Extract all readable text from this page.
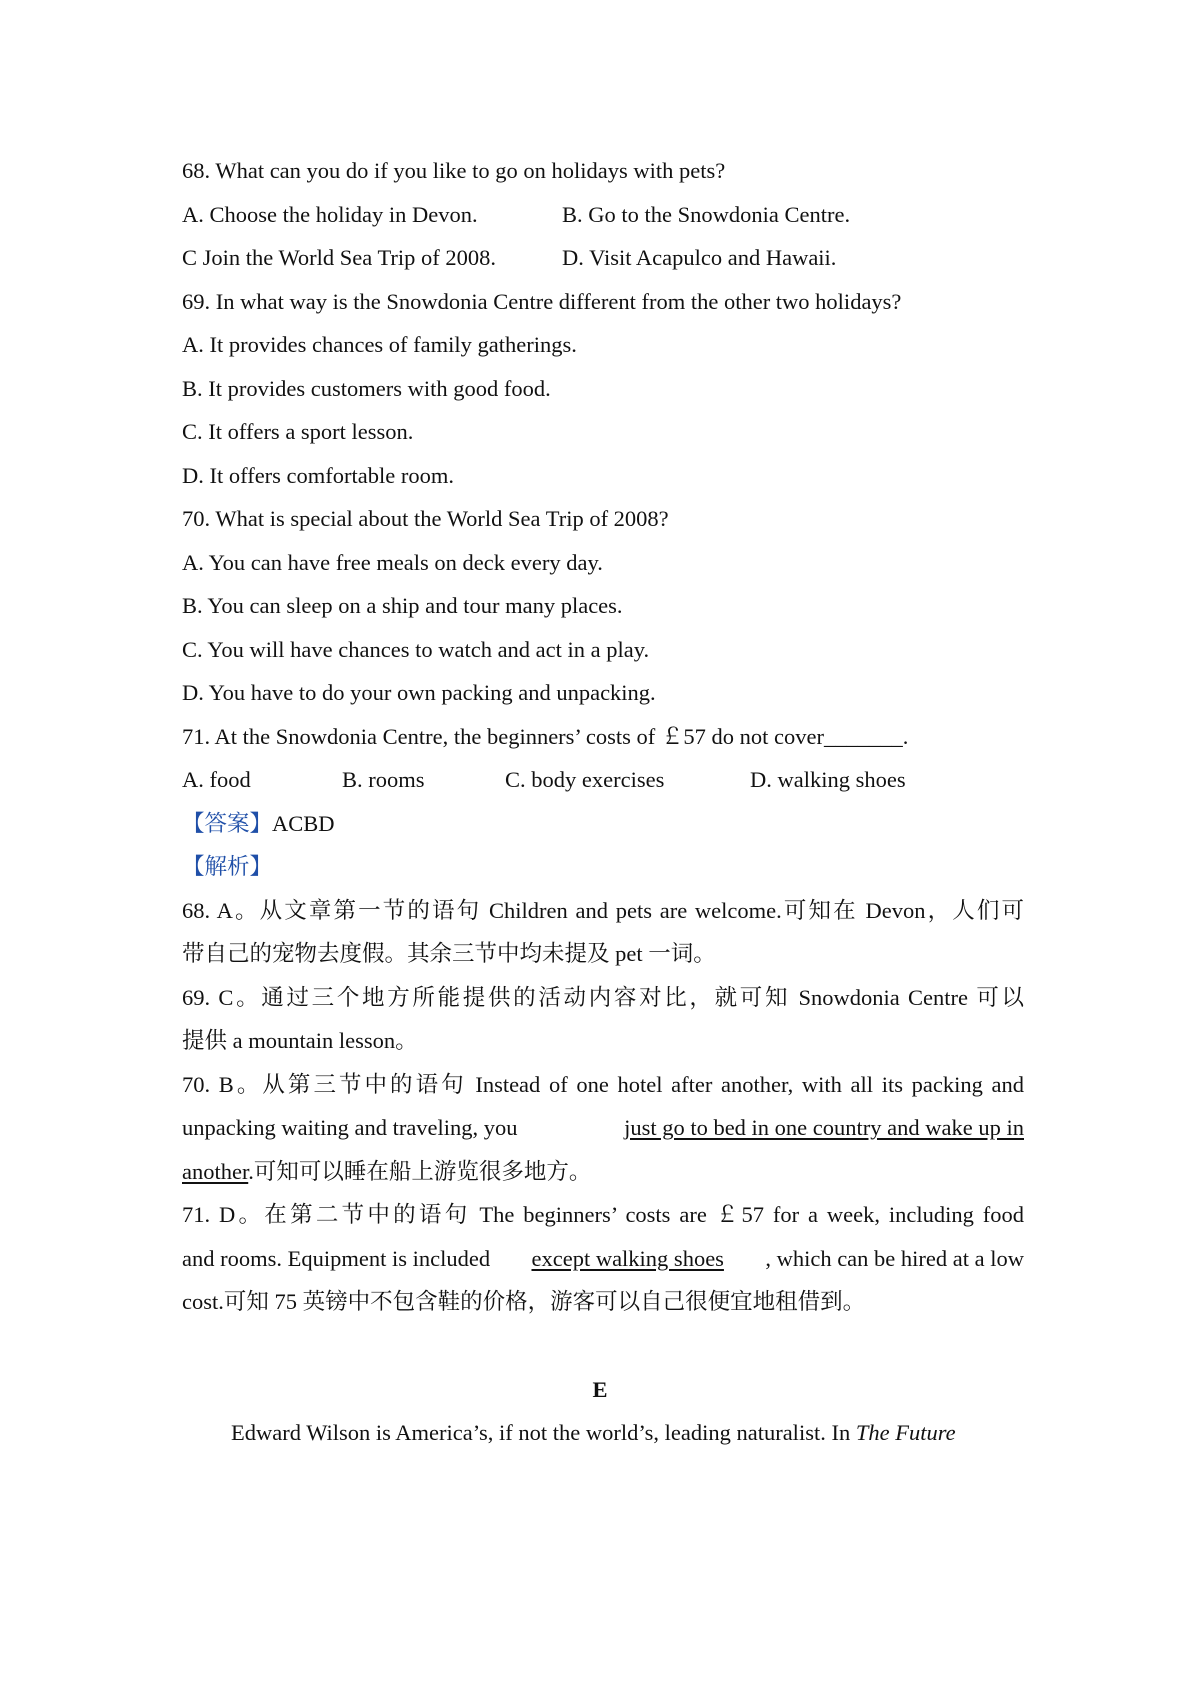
68. What can you do if you like to go on holidays with pets?
A. Choose the holiday in Devon.	B. Go to the Snowdonia Centre.
C Join the World Sea Trip of 2008.	D. Visit Acapulco and Hawaii.
69. In what way is the Snowdonia Centre different from the other two holidays?
A. It provides chances of family gatherings.
B. It provides customers with good food.
C. It offers a sport lesson.
D. It offers comfortable room.
70. What is special about the World Sea Trip of 2008?
A. You can have free meals on deck every day.
B. You can sleep on a ship and tour many places.
C. You will have chances to watch and act in a play.
D. You have to do your own packing and unpacking.
71. At the Snowdonia Centre, the beginners’ costs of ￡57 do not cover_______.
A. food	B. rooms	C. body exercises	D. walking shoes
【答案】ACBD
【解析】
68. A。从文章第一节的语句 Children and pets are welcome.可知在 Devon，人们可
带自己的宠物去度假。其余三节中均未提及 pet 一词。
69. C。通过三个地方所能提供的活动内容对比，就可知 Snowdonia Centre 可以
提供 a mountain lesson。
70. B。从第三节中的语句 Instead of one hotel after another, with all its packing and
unpacking waiting and traveling, you	just go to bed in one country and wake up in
another.可知可以睡在船上游览很多地方。
71. D。在第二节中的语句 The beginners’ costs are ￡57 for a week, including food
and rooms. Equipment is included except walking shoes , which can be hired at a low
cost.可知 75 英镑中不包含鞋的价格，游客可以自己很便宜地租借到。
E
Edward Wilson is America’s, if not the world’s, leading naturalist. In The Future
